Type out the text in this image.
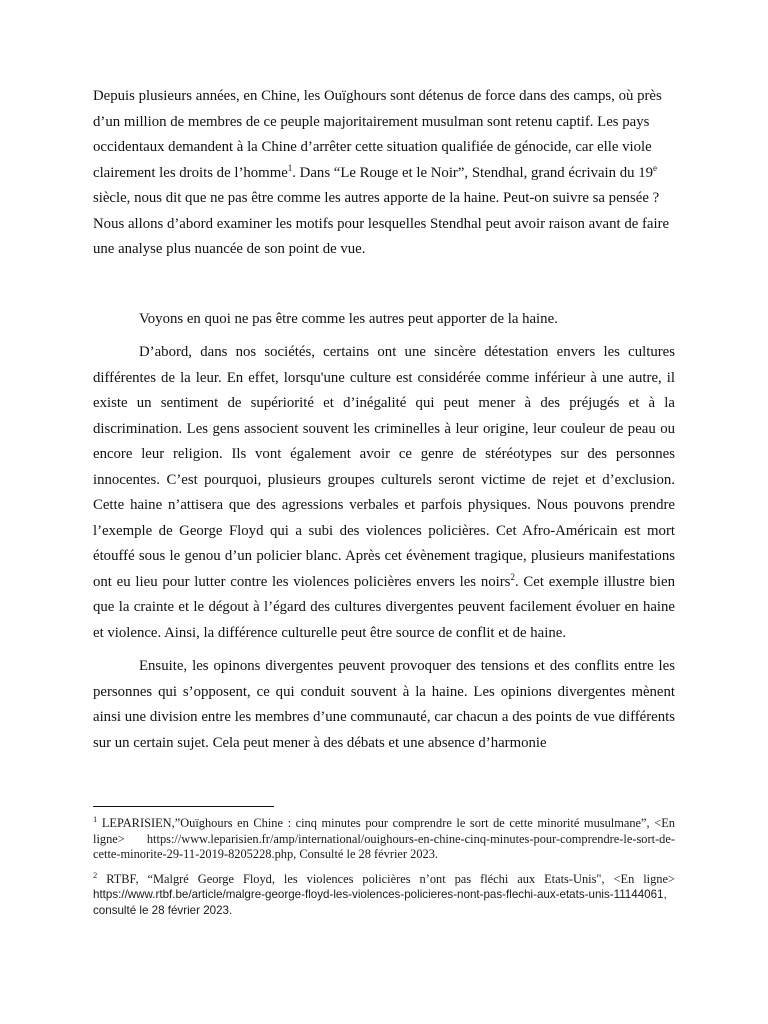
Depuis plusieurs années, en Chine, les Ouïghours sont détenus de force dans des camps, où près d’un million de membres de ce peuple majoritairement musulman sont retenu captif. Les pays occidentaux demandent à la Chine d’arrêter cette situation qualifiée de génocide, car elle viole clairement les droits de l’homme$^1$. Dans “Le Rouge et le Noir”, Stendhal, grand écrivain du 19e siècle, nous dit que ne pas être comme les autres apporte de la haine. Peut-on suivre sa pensée ? Nous allons d’abord examiner les motifs pour lesquelles Stendhal peut avoir raison avant de faire une analyse plus nuancée de son point de vue.

Voyons en quoi ne pas être comme les autres peut apporter de la haine.

D’abord, dans nos sociétés, certains ont une sincère détestation envers les cultures différentes de la leur. En effet, lorsqu'une culture est considérée comme inférieur à une autre, il existe un sentiment de supériorité et d’inégalité qui peut mener à des préjugés et à la discrimination. Les gens associent souvent les criminelles à leur origine, leur couleur de peau ou encore leur religion. Ils vont également avoir ce genre de stéréotypes sur des personnes innocentes. C’est pourquoi, plusieurs groupes culturels seront victime de rejet et d’exclusion. Cette haine n’attisera que des agressions verbales et parfois physiques. Nous pouvons prendre l’exemple de George Floyd qui a subi des violences policières. Cet Afro-Américain est mort étouffé sous le genou d’un policier blanc. Après cet évènement tragique, plusieurs manifestations ont eu lieu pour lutter contre les violences policières envers les noirs$^2$. Cet exemple illustre bien que la crainte et le dégout à l’égard des cultures divergentes peuvent facilement évoluer en haine et violence. Ainsi, la différence culturelle peut être source de conflit et de haine.

Ensuite, les opinons divergentes peuvent provoquer des tensions et des conflits entre les personnes qui s’opposent, ce qui conduit souvent à la haine. Les opinions divergentes mènent ainsi une division entre les membres d’une communauté, car chacun a des points de vue différents sur un certain sujet. Cela peut mener à des débats et une absence d’harmonie

$^1$ LEPARISIEN,”Ouïghours en Chine : cinq minutes pour comprendre le sort de cette minorité musulmane”, <En ligne> https://www.leparisien.fr/amp/international/ouighours-en-chine-cinq-minutes-pour-comprendre-le-sort-de-cette-minorite-29-11-2019-8205228.php, Consulté le 28 février 2023.

$^2$ RTBF, “Malgré George Floyd, les violences policières n’ont pas fléchi aux Etats-Unis", <En ligne> https://www.rtbf.be/article/malgre-george-floyd-les-violences-policieres-nont-pas-flechi-aux-etats-unis-11144061, consulté le 28 février 2023.
